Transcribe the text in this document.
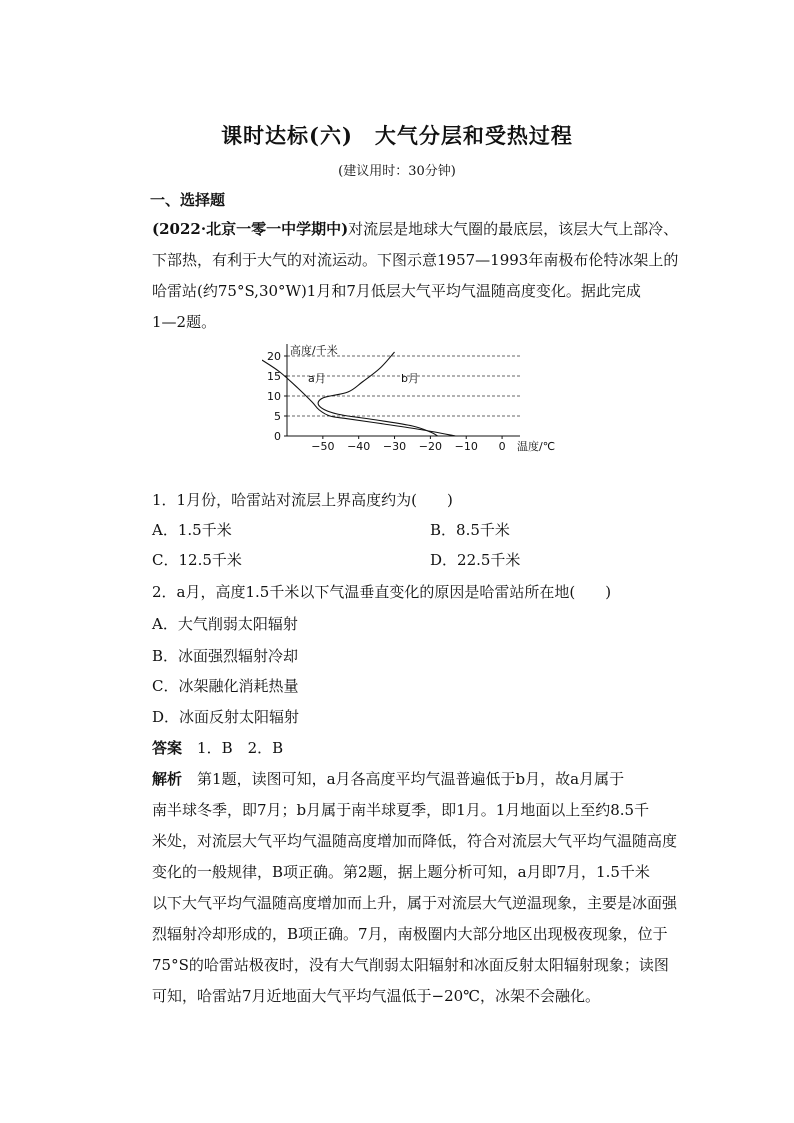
课时达标(六)　大气分层和受热过程
(建议用时：30分钟)
一、选择题
(2022·北京一零一中学期中)对流层是地球大气圈的最底层，该层大气上部冷、
下部热，有利于大气的对流运动。下图示意1957—1993年南极布伦特冰架上的
哈雷站(约75°S,30°W)1月和7月低层大气平均气温随高度变化。据此完成
1—2题。
0
5
10
15
20
−50 −40 −30 −20 −10 0
高度/千米
温度/℃
a月	b月
1．1月份，哈雷站对流层上界高度约为(　　)
A．1.5千米	B．8.5千米
C．12.5千米	D．22.5千米
2．a月，高度1.5千米以下气温垂直变化的原因是哈雷站所在地(　　)
A．大气削弱太阳辐射
B．冰面强烈辐射冷却
C．冰架融化消耗热量
D．冰面反射太阳辐射
答案　 1．B　2．B
解析　 第1题，读图可知，a月各高度平均气温普遍低于b月，故a月属于
南半球冬季，即7月；b月属于南半球夏季，即1月。1月地面以上至约8.5千
米处，对流层大气平均气温随高度增加而降低，符合对流层大气平均气温随高度
变化的一般规律，B项正确。第2题，据上题分析可知，a月即7月，1.5千米
以下大气平均气温随高度增加而上升，属于对流层大气逆温现象，主要是冰面强
烈辐射冷却形成的，B项正确。7月，南极圈内大部分地区出现极夜现象，位于
75°S的哈雷站极夜时，没有大气削弱太阳辐射和冰面反射太阳辐射现象；读图
可知，哈雷站7月近地面大气平均气温低于−20℃，冰架不会融化。
